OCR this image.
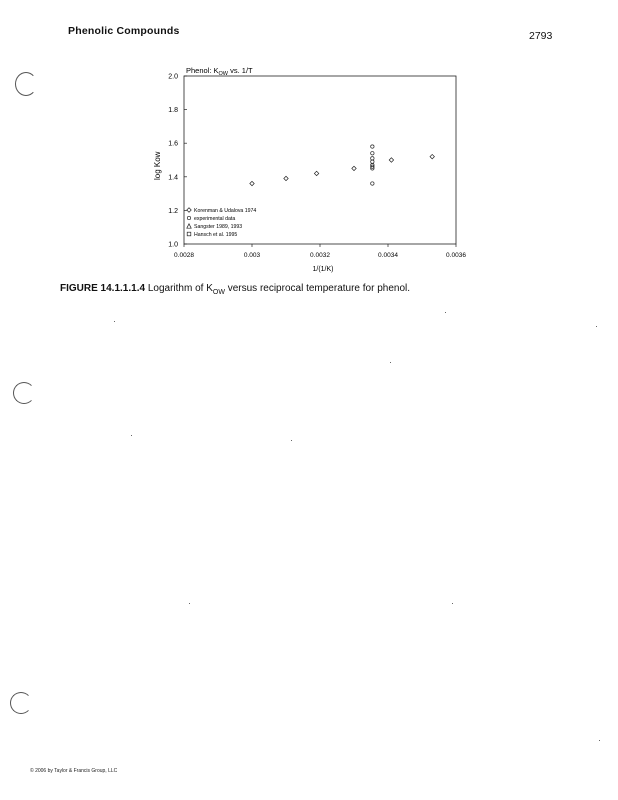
Phenolic Compounds	2793
Phenol: $K_{OW}$ vs. 1/T
log Kow
1/(1/K)
0.0028	0.003	0.0032	0.0034	0.0036
1.0
1.2
1.4
1.6
1.8
2.0
Korenman & Udalova 1974
experimental data
Sangster 1989, 1993
Hansch et al. 1995
FIGURE 14.1.1.1.4 Logarithm of $K_{OW}$ versus reciprocal temperature for phenol.
© 2006 by Taylor & Francis Group, LLC
